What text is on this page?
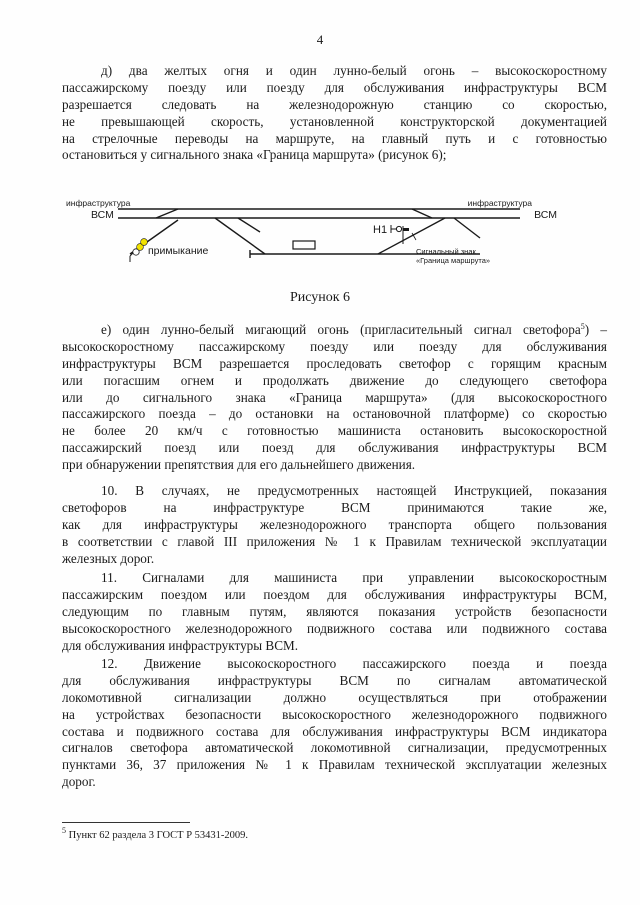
4
д) два желтых огня и один лунно-белый огонь – высокоскоростному
пассажирскому поезду или поезду для обслуживания инфраструктуры ВСМ
разрешается следовать на железнодорожную станцию со скоростью,
не превышающей скорость, установленной конструкторской документацией
на стрелочные переводы на маршруте, на главный путь и с готовностью
остановиться у сигнального знака «Граница маршрута» (рисунок 6);
Н1
Сигнальный знак
«Граница маршрута»
инфраструктура
ВСМ
инфраструктура
ВСМ
примыкание
Рисунок 6
е) один лунно-белый мигающий огонь (пригласительный сигнал светофора$^5$) –
высокоскоростному пассажирскому поезду или поезду для обслуживания
инфраструктуры ВСМ разрешается проследовать светофор с горящим красным
или погасшим огнем и продолжать движение до следующего светофора
или до сигнального знака «Граница маршрута» (для высокоскоростного
пассажирского поезда – до остановки на остановочной платформе) со скоростью
не более 20 км/ч с готовностью машиниста остановить высокоскоростной
пассажирский поезд или поезд для обслуживания инфраструктуры ВСМ
при обнаружении препятствия для его дальнейшего движения.
10. В случаях, не предусмотренных настоящей Инструкцией, показания
светофоров на инфраструктуре ВСМ принимаются такие же,
как для инфраструктуры железнодорожного транспорта общего пользования
в соответствии с главой III приложения № 1 к Правилам технической эксплуатации
железных дорог.
11. Сигналами для машиниста при управлении высокоскоростным
пассажирским поездом или поездом для обслуживания инфраструктуры ВСМ,
следующим по главным путям, являются показания устройств безопасности
высокоскоростного железнодорожного подвижного состава или подвижного состава
для обслуживания инфраструктуры ВСМ.
12. Движение высокоскоростного пассажирского поезда и поезда
для обслуживания инфраструктуры ВСМ по сигналам автоматической
локомотивной сигнализации должно осуществляться при отображении
на устройствах безопасности высокоскоростного железнодорожного подвижного
состава и подвижного состава для обслуживания инфраструктуры ВСМ индикатора
сигналов светофора автоматической локомотивной сигнализации, предусмотренных
пунктами 36, 37 приложения № 1 к Правилам технической эксплуатации железных
дорог.
$^5$ Пункт 62 раздела 3 ГОСТ Р 53431-2009.
